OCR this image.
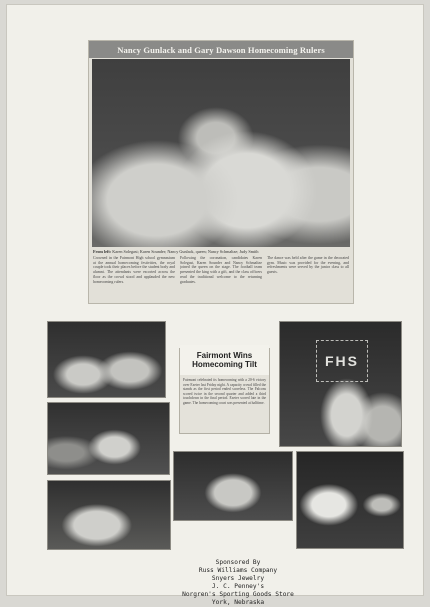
Nancy Gunlack and Gary Dawson Homecoming Rulers
From left: Karen Solegast; Karen Sounder; Nancy Gunlack, queen; Nancy Schmaltze; Judy Smith

Crowned in the Fairmont High school gymnasium at the annual homecoming festivities, the royal couple took their places before the student body and alumni. The attendants were escorted across the floor as the crowd stood and applauded the new homecoming rulers.

Following the coronation, candidates Karen Solegast, Karen Sounder and Nancy Schmaltze joined the queen on the stage. The football team presented the king with a gift, and the class officers read the traditional welcome to the returning graduates.

The dance was held after the game in the decorated gym. Music was provided for the evening, and refreshments were served by the junior class to all guests.

FHS
Fairmont Wins Homecoming Tilt

Fairmont celebrated its homecoming with a 20-6 victory over Exeter last Friday night. A capacity crowd filled the stands as the first period ended scoreless. The Falcons scored twice in the second quarter and added a third touchdown in the final period. Exeter scored late in the game. The homecoming court was presented at halftime.

Sponsored By
Russ Williams Company
Snyers Jewelry
J. C. Penney's
Norgren's Sporting Goods Store
York, Nebraska
